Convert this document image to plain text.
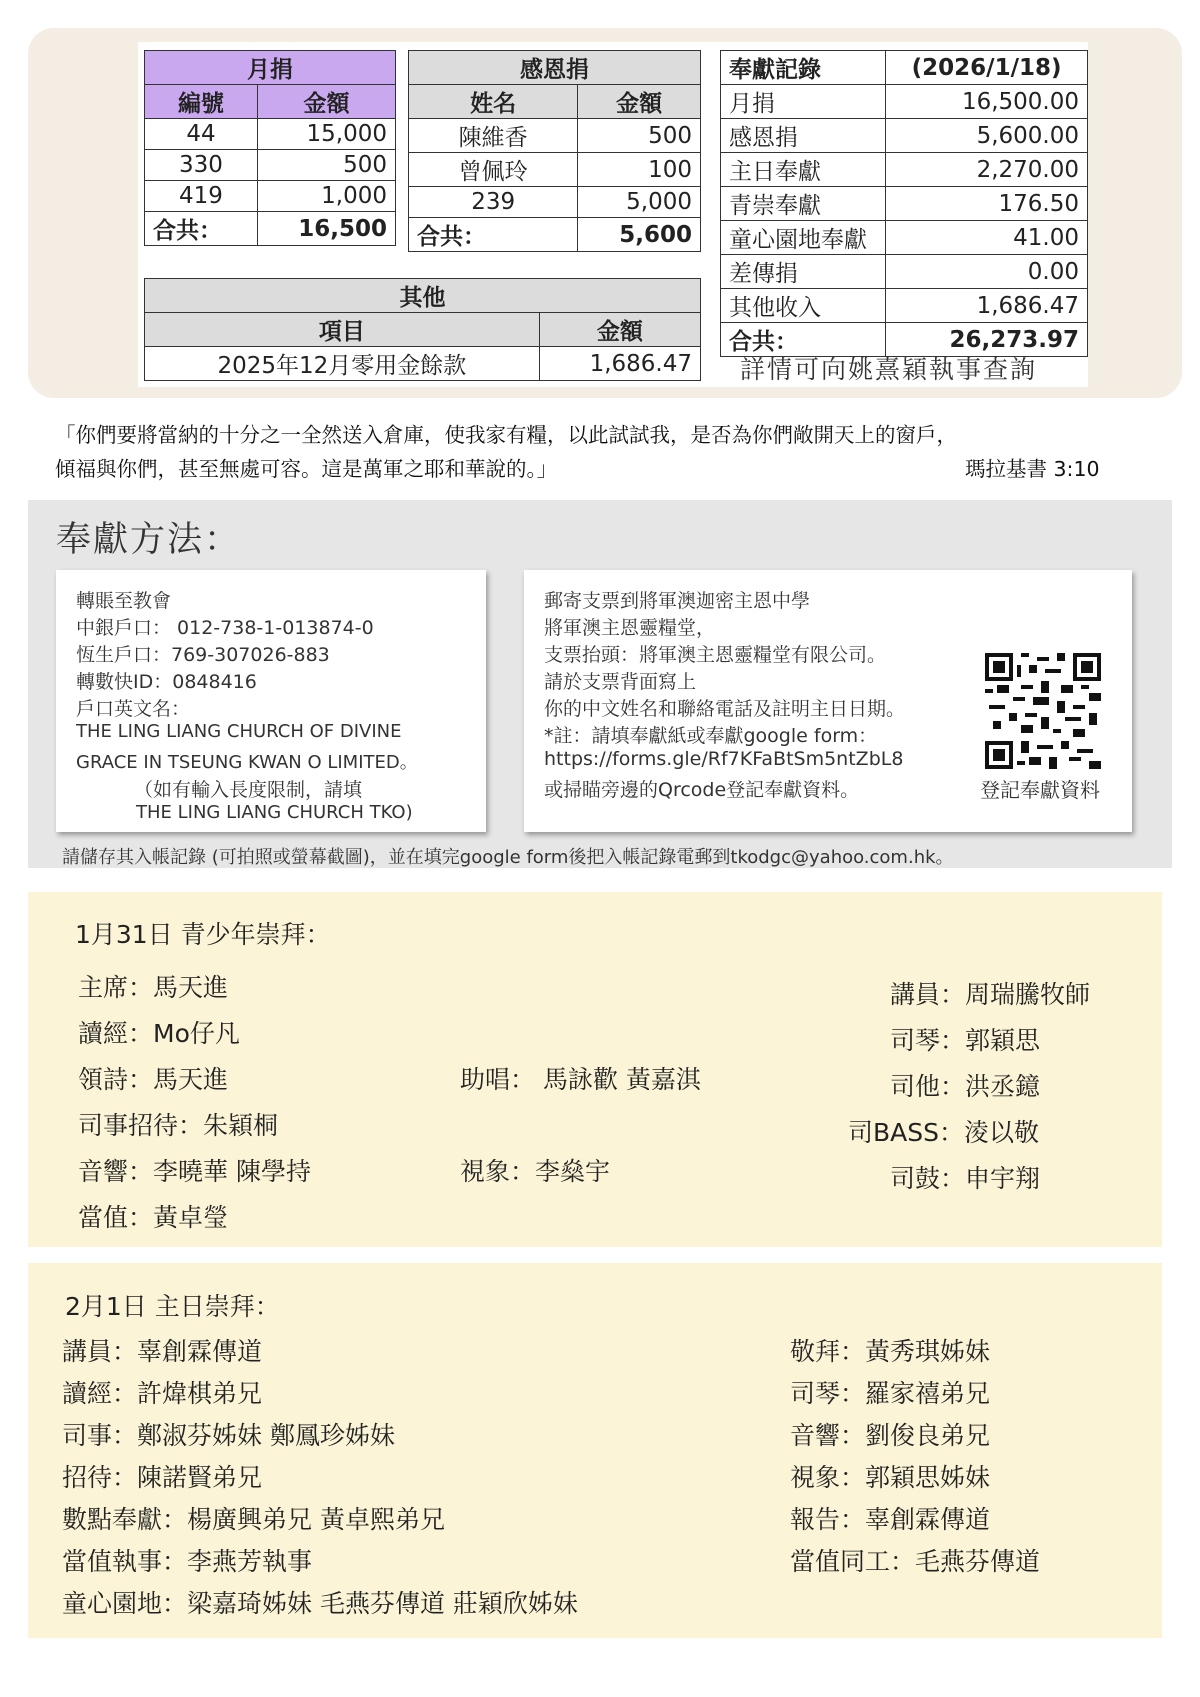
月捐	
編號	金額
44	15,000
330	500
419	1,000
合共：	16,500
感恩捐	
姓名	金額
陳維香	500
曾佩玲	100
239	5,000
合共：	5,600
其他	
項目	金額
2025年12月零用金餘款	1,686.47
奉獻記錄	(2026/1/18)
月捐	16,500.00
感恩捐	5,600.00
主日奉獻	2,270.00
青崇奉獻	176.50
童心園地奉獻	41.00
差傳捐	0.00
其他收入	1,686.47
合共：	26,273.97
詳情可向姚熹穎執事查詢
「你們要將當納的十分之一全然送入倉庫，使我家有糧，以此試試我，是否為你們敞開天上的窗戶，
傾福與你們，甚至無處可容。這是萬軍之耶和華說的。」	瑪拉基書 3:10
奉獻方法：
轉賬至教會
中銀戶口： 012-738-1-013874-0
恆生戶口：769-307026-883
轉數快ID：0848416
戶口英文名：
THE LING LIANG CHURCH OF DIVINE
GRACE IN TSEUNG KWAN O LIMITED。
（如有輸入長度限制，請填
THE LING LIANG CHURCH TKO)
郵寄支票到將軍澳迦密主恩中學
將軍澳主恩靈糧堂，
支票抬頭：將軍澳主恩靈糧堂有限公司。
請於支票背面寫上
你的中文姓名和聯絡電話及註明主日日期。
*註：請填奉獻紙或奉獻google form：
https://forms.gle/Rf7KFaBtSm5ntZbL8
或掃瞄旁邊的Qrcode登記奉獻資料。	登記奉獻資料
請儲存其入帳記錄 (可拍照或螢幕截圖)，並在填完google form後把入帳記錄電郵到tkodgc@yahoo.com.hk。
1月31日 青少年崇拜：
主席：馬天進
讀經：Mo仔凡
領詩：馬天進
司事招待：朱穎桐
音響：李曉華 陳學持
當值：黃卓瑩
助唱： 馬詠歡 黃嘉淇
視象：李燊宇
講員：周瑞騰牧師
司琴：郭穎思
司他：洪丞鐿
司BASS：淩以敬
司鼓：申宇翔
2月1日 主日崇拜：
講員：辜創霖傳道
讀經：許煒棋弟兄
司事：鄭淑芬姊妹 鄭鳳珍姊妹
招待：陳諾賢弟兄
數點奉獻：楊廣興弟兄 黃卓熙弟兄
當值執事：李燕芳執事
童心園地：梁嘉琦姊妹 毛燕芬傳道 莊穎欣姊妹
敬拜：黃秀琪姊妹
司琴：羅家禧弟兄
音響：劉俊良弟兄
視象：郭穎思姊妹
報告：辜創霖傳道
當值同工：毛燕芬傳道
